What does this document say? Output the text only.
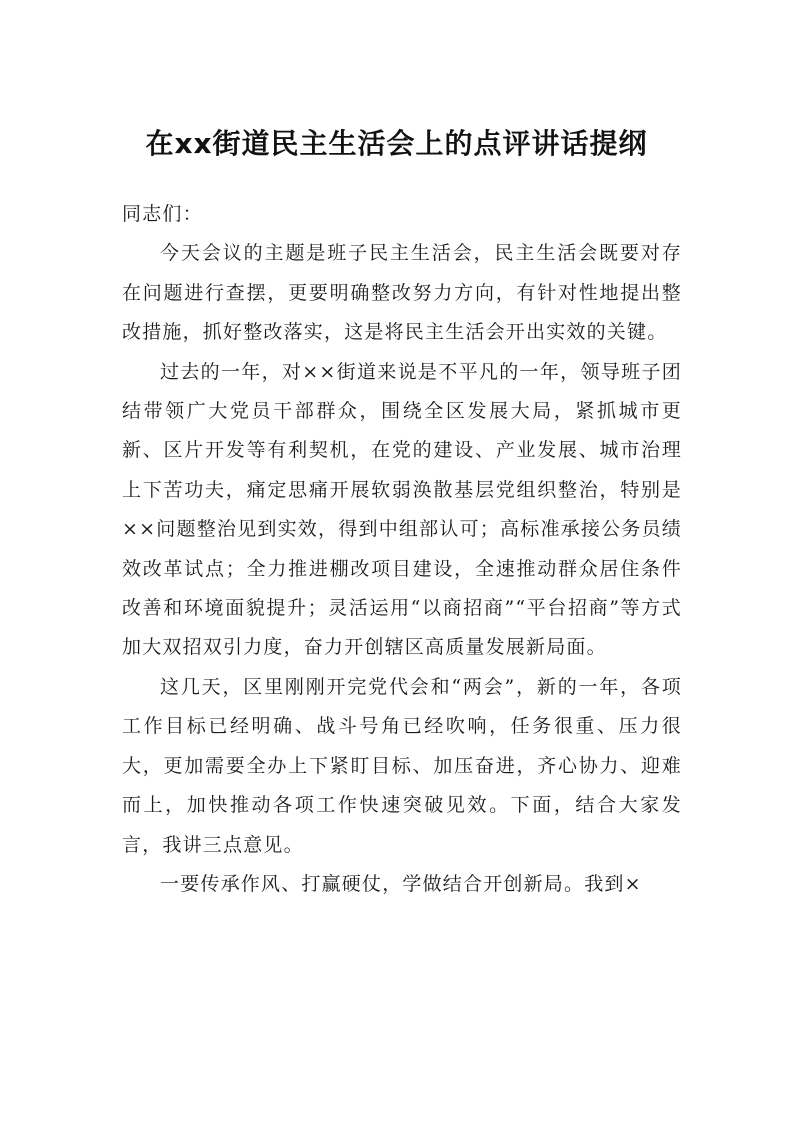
在xx街道民主生活会上的点评讲话提纲

同志们：

今天会议的主题是班子民主生活会，民主生活会既要对存在问题进行查摆，更要明确整改努力方向，有针对性地提出整改措施，抓好整改落实，这是将民主生活会开出实效的关键。

过去的一年，对××街道来说是不平凡的一年，领导班子团结带领广大党员干部群众，围绕全区发展大局，紧抓城市更新、区片开发等有利契机，在党的建设、产业发展、城市治理上下苦功夫，痛定思痛开展软弱涣散基层党组织整治，特别是××问题整治见到实效，得到中组部认可；高标准承接公务员绩效改革试点；全力推进棚改项目建设，全速推动群众居住条件改善和环境面貌提升；灵活运用“以商招商”“平台招商”等方式加大双招双引力度，奋力开创辖区高质量发展新局面。

这几天，区里刚刚开完党代会和“两会”，新的一年，各项工作目标已经明确、战斗号角已经吹响，任务很重、压力很大，更加需要全办上下紧盯目标、加压奋进，齐心协力、迎难而上，加快推动各项工作快速突破见效。下面，结合大家发言，我讲三点意见。

一要传承作风、打赢硬仗，学做结合开创新局。我到×
